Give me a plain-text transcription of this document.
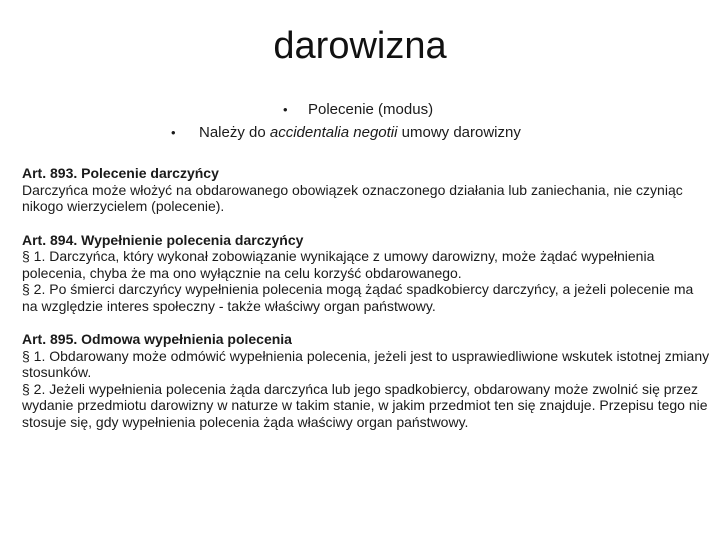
darowizna
• Polecenie (modus)
• Należy do accidentalia negotii umowy darowizny
Art. 893. Polecenie darczyńcy
Darczyńca może włożyć na obdarowanego obowiązek oznaczonego działania lub zaniechania, nie czyniąc nikogo wierzycielem (polecenie).
Art. 894. Wypełnienie polecenia darczyńcy
§ 1. Darczyńca, który wykonał zobowiązanie wynikające z umowy darowizny, może żądać wypełnienia polecenia, chyba że ma ono wyłącznie na celu korzyść obdarowanego.
§ 2. Po śmierci darczyńcy wypełnienia polecenia mogą żądać spadkobiercy darczyńcy, a jeżeli polecenie ma na względzie interes społeczny - także właściwy organ państwowy.
Art. 895. Odmowa wypełnienia polecenia
§ 1. Obdarowany może odmówić wypełnienia polecenia, jeżeli jest to usprawiedliwione wskutek istotnej zmiany stosunków.
§ 2. Jeżeli wypełnienia polecenia żąda darczyńca lub jego spadkobiercy, obdarowany może zwolnić się przez wydanie przedmiotu darowizny w naturze w takim stanie, w jakim przedmiot ten się znajduje. Przepisu tego nie stosuje się, gdy wypełnienia polecenia żąda właściwy organ państwowy.
